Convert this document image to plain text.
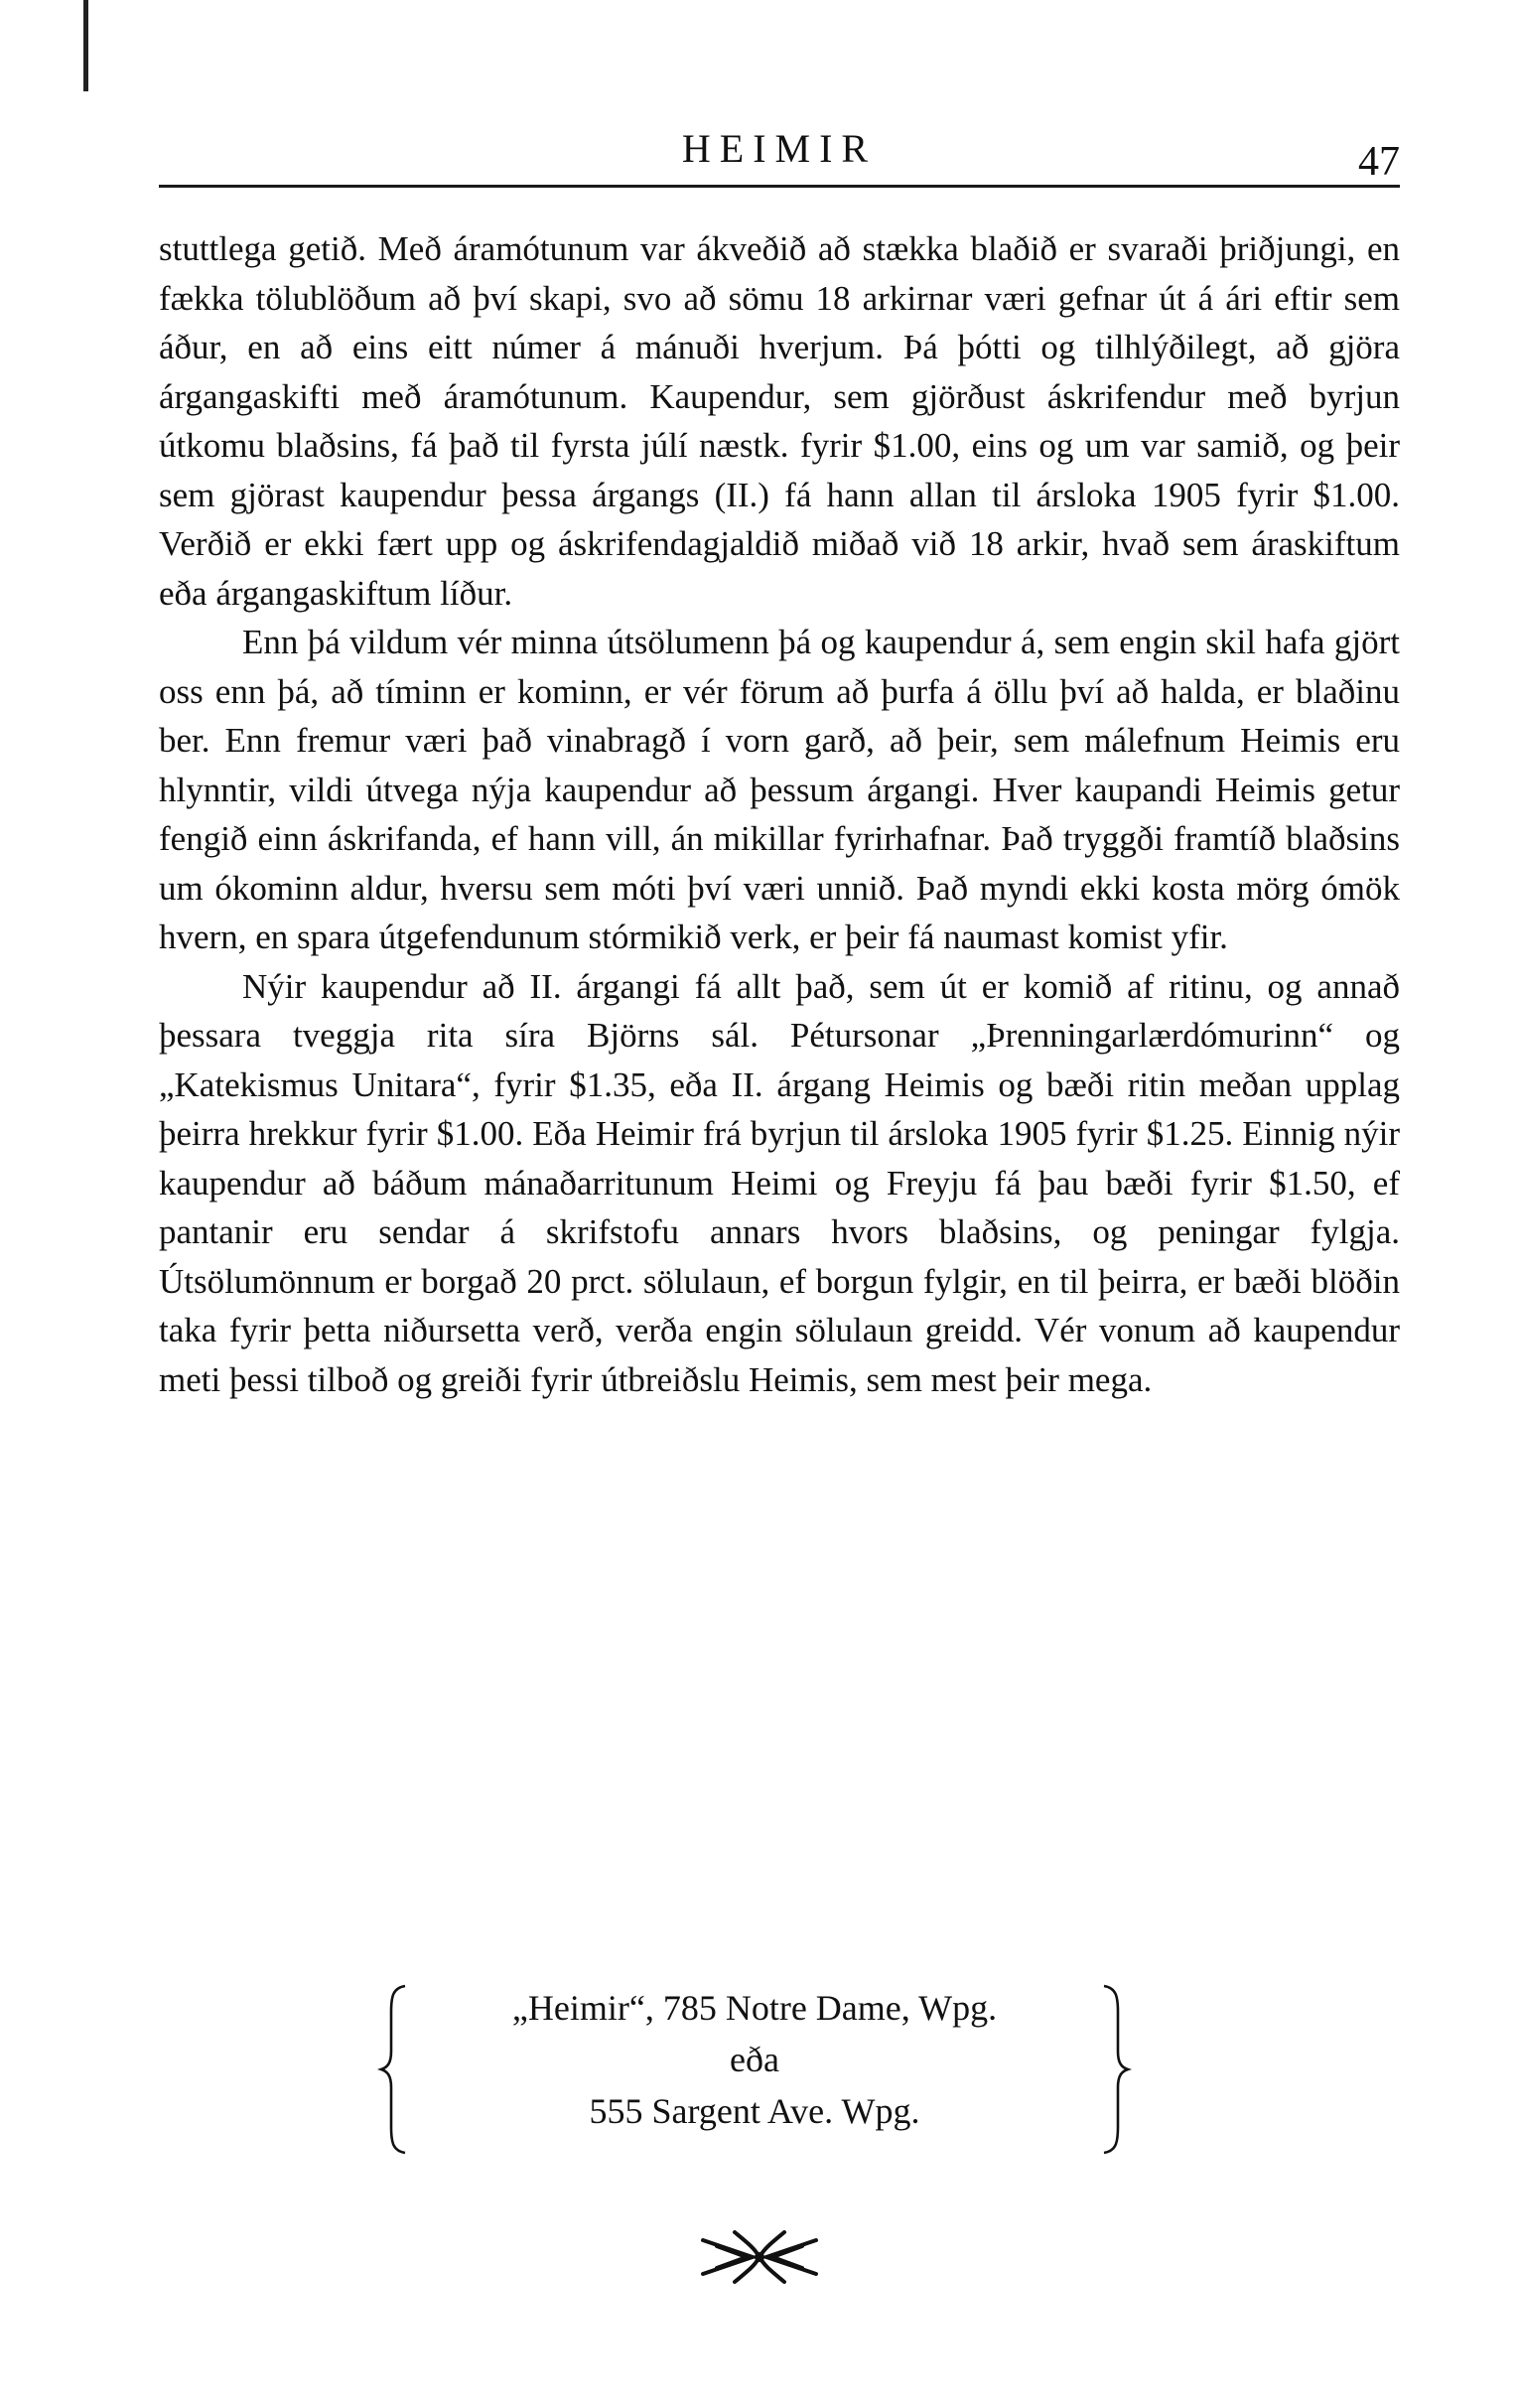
HEIMIR	47

stuttlega getið. Með áramótunum var ákveðið að stækka blaðið er svaraði þriðjungi, en fækka tölublöðum að því skapi, svo að sömu 18 arkirnar væri gefnar út á ári eftir sem áður, en að eins eitt númer á mánuði hverjum. Þá þótti og tilhlýðilegt, að gjöra árgangaskifti með áramótunum. Kaupendur, sem gjörðust áskrifendur með byrjun útkomu blaðsins, fá það til fyrsta júlí næstk. fyrir $1.00, eins og um var samið, og þeir sem gjörast kaupendur þessa árgangs (II.) fá hann allan til ársloka 1905 fyrir $1.00. Verðið er ekki fært upp og áskrifendagjaldið miðað við 18 arkir, hvað sem áraskiftum eða árgangaskiftum líður.

Enn þá vildum vér minna útsölumenn þá og kaupendur á, sem engin skil hafa gjört oss enn þá, að tíminn er kominn, er vér förum að þurfa á öllu því að halda, er blaðinu ber. Enn fremur væri það vinabragð í vorn garð, að þeir, sem málefnum Heimis eru hlynntir, vildi útvega nýja kaupendur að þessum árgangi. Hver kaupandi Heimis getur fengið einn áskrifanda, ef hann vill, án mikillar fyrirhafnar. Það tryggði framtíð blaðsins um ókominn aldur, hversu sem móti því væri unnið. Það myndi ekki kosta mörg ómök hvern, en spara útgefendunum stórmikið verk, er þeir fá naumast komist yfir.

Nýir kaupendur að II. árgangi fá allt það, sem út er komið af ritinu, og annað þessara tveggja rita síra Björns sál. Pétursonar „Þrenningarlærdómurinn“ og „Katekismus Unitara“, fyrir $1.35, eða II. árgang Heimis og bæði ritin meðan upplag þeirra hrekkur fyrir $1.00. Eða Heimir frá byrjun til ársloka 1905 fyrir $1.25. Einnig nýir kaupendur að báðum mánaðarritunum Heimi og Freyju fá þau bæði fyrir $1.50, ef pantanir eru sendar á skrifstofu annars hvors blaðsins, og peningar fylgja. Útsölumönnum er borgað 20 prct. sölulaun, ef borgun fylgir, en til þeirra, er bæði blöðin taka fyrir þetta niðursetta verð, verða engin sölulaun greidd. Vér vonum að kaupendur meti þessi tilboð og greiði fyrir útbreiðslu Heimis, sem mest þeir mega.

„Heimir“, 785 Notre Dame, Wpg.
eða
555 Sargent Ave. Wpg.
